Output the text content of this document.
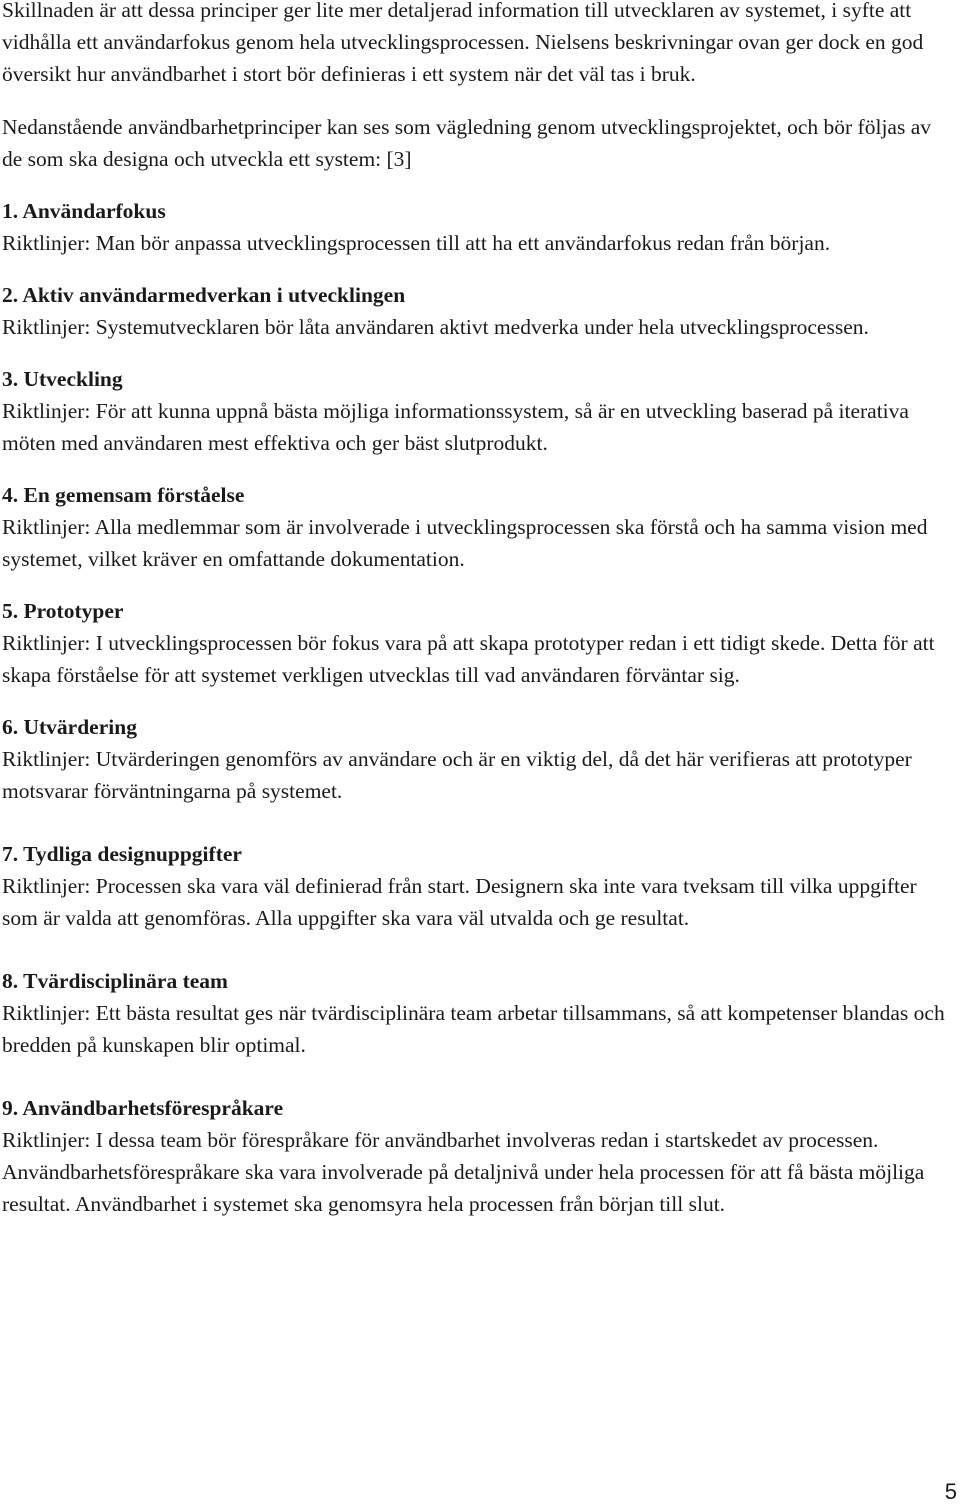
Skillnaden är att dessa principer ger lite mer detaljerad information till utvecklaren av systemet, i syfte att vidhålla ett användarfokus genom hela utvecklingsprocessen. Nielsens beskrivningar ovan ger dock en god översikt hur användbarhet i stort bör definieras i ett system när det väl tas i bruk.

Nedanstående användbarhetprinciper kan ses som vägledning genom utvecklingsprojektet, och bör följas av de som ska designa och utveckla ett system: [3]

1. Användarfokus

Riktlinjer: Man bör anpassa utvecklingsprocessen till att ha ett användarfokus redan från början.

2. Aktiv användarmedverkan i utvecklingen

Riktlinjer: Systemutvecklaren bör låta användaren aktivt medverka under hela utvecklingsprocessen.

3. Utveckling

Riktlinjer: För att kunna uppnå bästa möjliga informationssystem, så är en utveckling baserad på iterativa möten med användaren mest effektiva och ger bäst slutprodukt.

4. En gemensam förståelse

Riktlinjer: Alla medlemmar som är involverade i utvecklingsprocessen ska förstå och ha samma vision med systemet, vilket kräver en omfattande dokumentation.

5. Prototyper

Riktlinjer: I utvecklingsprocessen bör fokus vara på att skapa prototyper redan i ett tidigt skede. Detta för att skapa förståelse för att systemet verkligen utvecklas till vad användaren förväntar sig.

6. Utvärdering

Riktlinjer: Utvärderingen genomförs av användare och är en viktig del, då det här verifieras att prototyper motsvarar förväntningarna på systemet.

7. Tydliga designuppgifter

Riktlinjer: Processen ska vara väl definierad från start. Designern ska inte vara tveksam till vilka uppgifter som är valda att genomföras. Alla uppgifter ska vara väl utvalda och ge resultat.

8. Tvärdisciplinära team

Riktlinjer: Ett bästa resultat ges när tvärdisciplinära team arbetar tillsammans, så att kompetenser blandas och bredden på kunskapen blir optimal.

9. Användbarhetsförespråkare

Riktlinjer: I dessa team bör förespråkare för användbarhet involveras redan i startskedet av processen. Användbarhetsförespråkare ska vara involverade på detaljnivå under hela processen för att få bästa möjliga resultat. Användbarhet i systemet ska genomsyra hela processen från början till slut.

5
